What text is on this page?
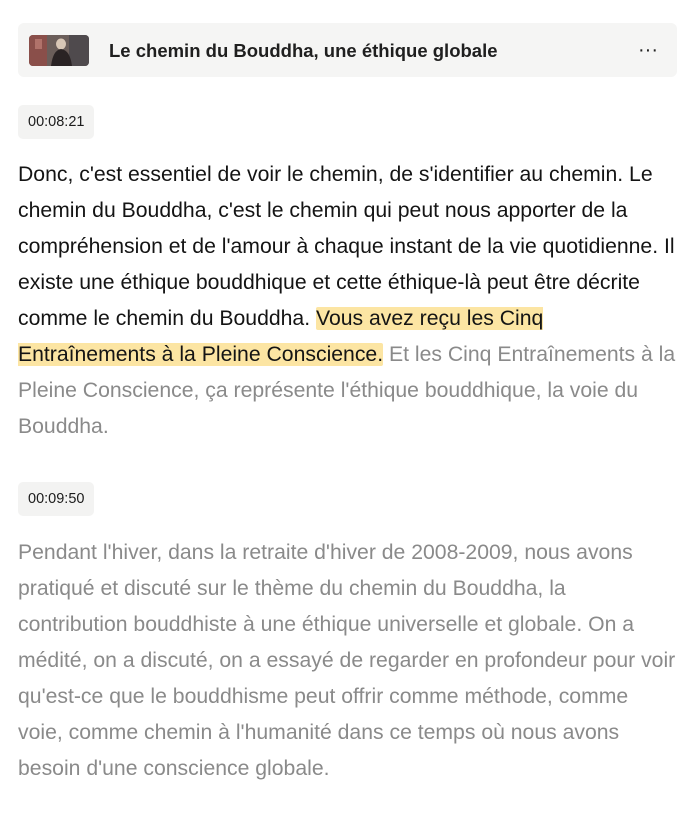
Le chemin du Bouddha, une éthique globale	···
00:08:21

Donc, c'est essentiel de voir le chemin, de s'identifier au chemin. Le chemin du Bouddha, c'est le chemin qui peut nous apporter de la compréhension et de l'amour à chaque instant de la vie quotidienne. Il existe une éthique bouddhique et cette éthique-là peut être décrite comme le chemin du Bouddha. Vous avez reçu les Cinq Entraînements à la Pleine Conscience. Et les Cinq Entraînements à la Pleine Conscience, ça représente l'éthique bouddhique, la voie du Bouddha.

00:09:50

Pendant l'hiver, dans la retraite d'hiver de 2008-2009, nous avons pratiqué et discuté sur le thème du chemin du Bouddha, la contribution bouddhiste à une éthique universelle et globale. On a médité, on a discuté, on a essayé de regarder en profondeur pour voir qu'est-ce que le bouddhisme peut offrir comme méthode, comme voie, comme chemin à l'humanité dans ce temps où nous avons besoin d'une conscience globale.
